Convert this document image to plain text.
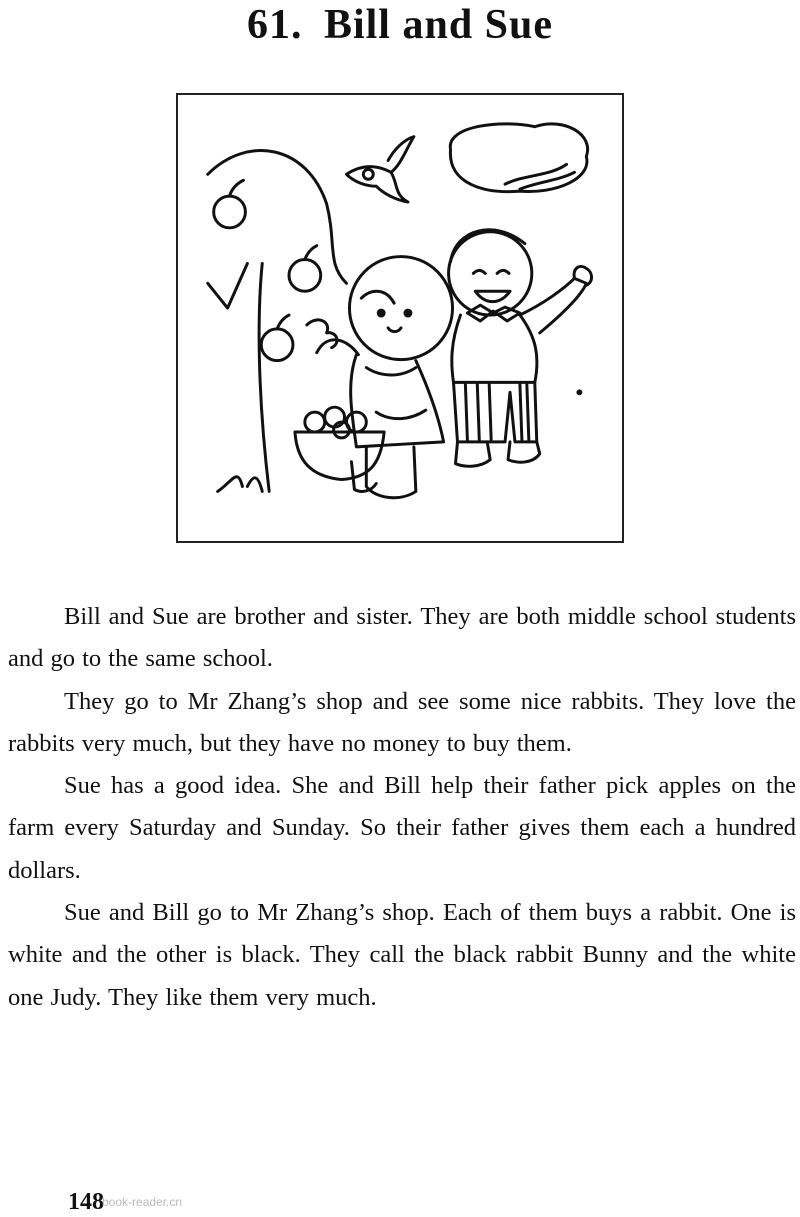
61. Bill and Sue

Bill and Sue are brother and sister. They are both middle school students and go to the same school.

They go to Mr Zhang’s shop and see some nice rabbits. They love the rabbits very much, but they have no money to buy them.

Sue has a good idea. She and Bill help their father pick apples on the farm every Saturday and Sunday. So their father gives them each a hundred dollars.

Sue and Bill go to Mr Zhang’s shop. Each of them buys a rabbit. One is white and the other is black. They call the black rabbit Bunny and the white one Judy. They like them very much.

148
book-reader.cn
